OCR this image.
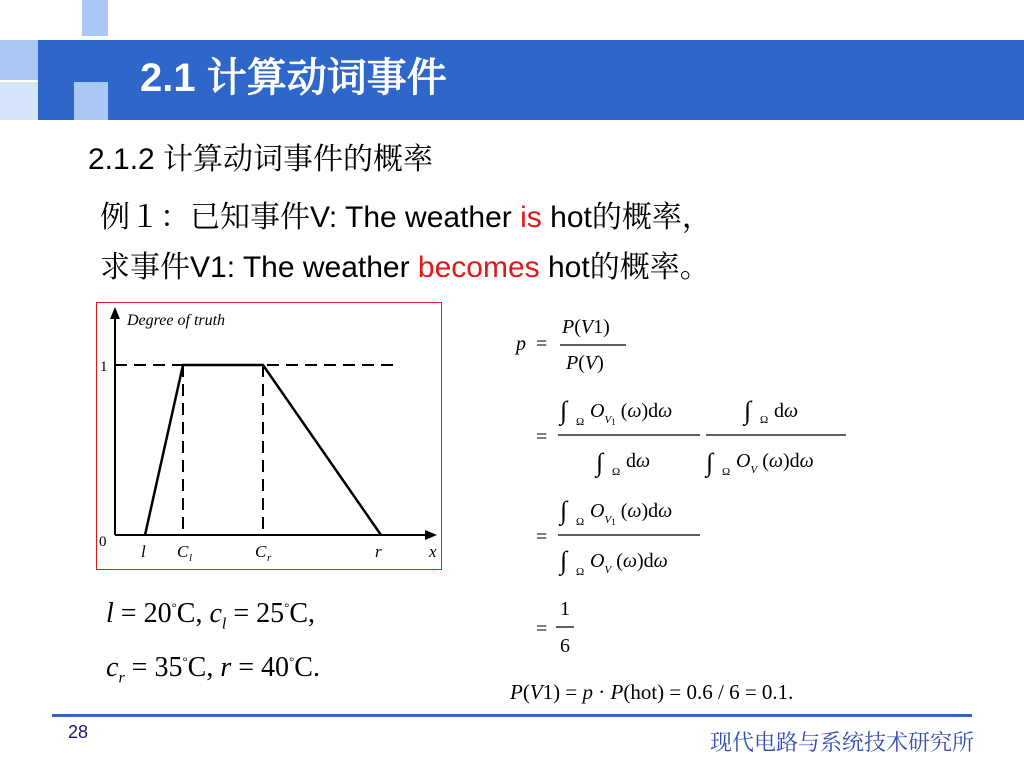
2.1 计算动词事件
2.1.2 计算动词事件的概率
例１：已知事件V: The weather is hot的概率，
求事件V1: The weather becomes hot的概率。
Degree of truth
1
0 l C l	C r	r	x
l = 20°C, $c_l = 25^\circ C$,
$c_r = 35^\circ C$, r = 40°C.
p =
P(V1)
P(V)
=
∫ Ω $O_V1$ (ω)dω
∫ Ω dω
∫ Ω dω
∫ Ω $O_V$ (ω)dω
=
∫ Ω $O_V1$ (ω)dω
∫ Ω $O_V$ (ω)dω
=
1
6
P(V1) = p · P(hot) = 0.6 / 6 = 0.1.
28	现代电路与系统技术研究所
